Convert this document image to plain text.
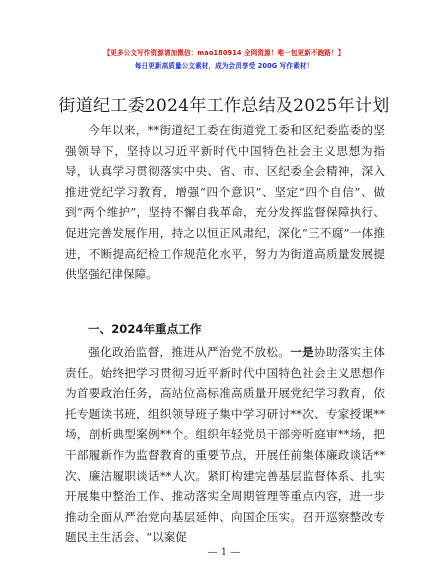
【更多公文写作资源请加微信：mao180914 全网资源！唯一包更新不跑路！】
每日更新高质量公文素材，成为会员享受 200G 写作素材！
街道纪工委2024年工作总结及2025年计划

今年以来，**街道纪工委在街道党工委和区纪委监委的坚强领导下，坚持以习近平新时代中国特色社会主义思想为指导，认真学习贯彻落实中央、省、市、区纪委全会精神，深入推进党纪学习教育，增强“四个意识”、坚定“四个自信”、做到“两个维护”，坚持不懈自我革命，充分发挥监督保障执行、促进完善发展作用，持之以恒正风肃纪，深化“三不腐”一体推进，不断提高纪检工作规范化水平，努力为街道高质量发展提供坚强纪律保障。

一、2024年重点工作

强化政治监督，推进从严治党不放松。一是协助落实主体责任。始终把学习贯彻习近平新时代中国特色社会主义思想作为首要政治任务，高站位高标准高质量开展党纪学习教育，依托专题读书班，组织领导班子集中学习研讨**次、专家授课**场，剖析典型案例**个。组织年轻党员干部旁听庭审**场，把干部履新作为监督教育的重要节点，开展任前集体廉政谈话**次、廉洁履职谈话**人次。紧盯构建完善基层监督体系、扎实开展集中整治工作、推动落实全周期管理等重点内容，进一步推动全面从严治党向基层延伸、向国企压实。召开巡察整改专题民主生活会、“以案促

— 1 —
